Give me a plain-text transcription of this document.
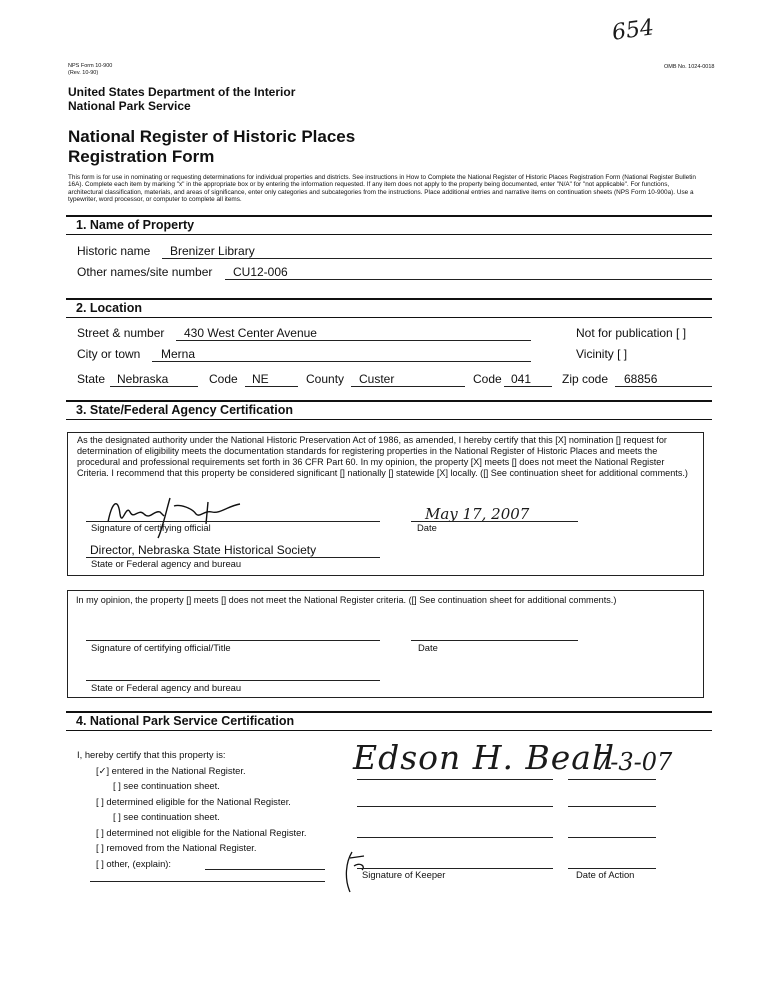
654
NPS Form 10-900
(Rev. 10-90)
OMB No. 1024-0018
United States Department of the Interior
National Park Service
National Register of Historic Places
Registration Form
This form is for use in nominating or requesting determinations for individual properties and districts. See instructions in How to Complete the National Register of Historic Places Registration Form (National Register Bulletin 16A). Complete each item by marking "x" in the appropriate box or by entering the information requested. If any item does not apply to the property being documented, enter "N/A" for "not applicable". For functions, architectural classification, materials, and areas of significance, enter only categories and subcategories from the instructions. Place additional entries and narrative items on continuation sheets (NPS Form 10-900a). Use a typewriter, word processor, or computer to complete all items.
1. Name of Property
Historic name Brenizer Library
Other names/site number CU12-006
2. Location
Street & number 430 West Center Avenue	Not for publication [ ]
City or town Merna	Vicinity [ ]
State Nebraska	Code NE	County Custer	Code 041	Zip code 68856
3. State/Federal Agency Certification
As the designated authority under the National Historic Preservation Act of 1986, as amended, I hereby certify that this [X] nomination [] request for determination of eligibility meets the documentation standards for registering properties in the National Register of Historic Places and meets the procedural and professional requirements set forth in 36 CFR Part 60. In my opinion, the property [X] meets [] does not meet the National Register Criteria. I recommend that this property be considered significant [] nationally [] statewide [X] locally. ([] See continuation sheet for additional comments.)
Signature of certifying official
May 17, 2007
Date
Director, Nebraska State Historical Society
State or Federal agency and bureau
In my opinion, the property [] meets [] does not meet the National Register criteria. ([] See continuation sheet for additional comments.)
Signature of certifying official/Title	Date
State or Federal agency and bureau
4. National Park Service Certification
I, hereby certify that this property is:
[✓] entered in the National Register.
[ ] see continuation sheet.
[ ] determined eligible for the National Register.
[ ] see continuation sheet.
[ ] determined not eligible for the National Register.
[ ] removed from the National Register.
[ ] other, (explain):
Edson H. Beall
7-3-07
Signature of Keeper	Date of Action
